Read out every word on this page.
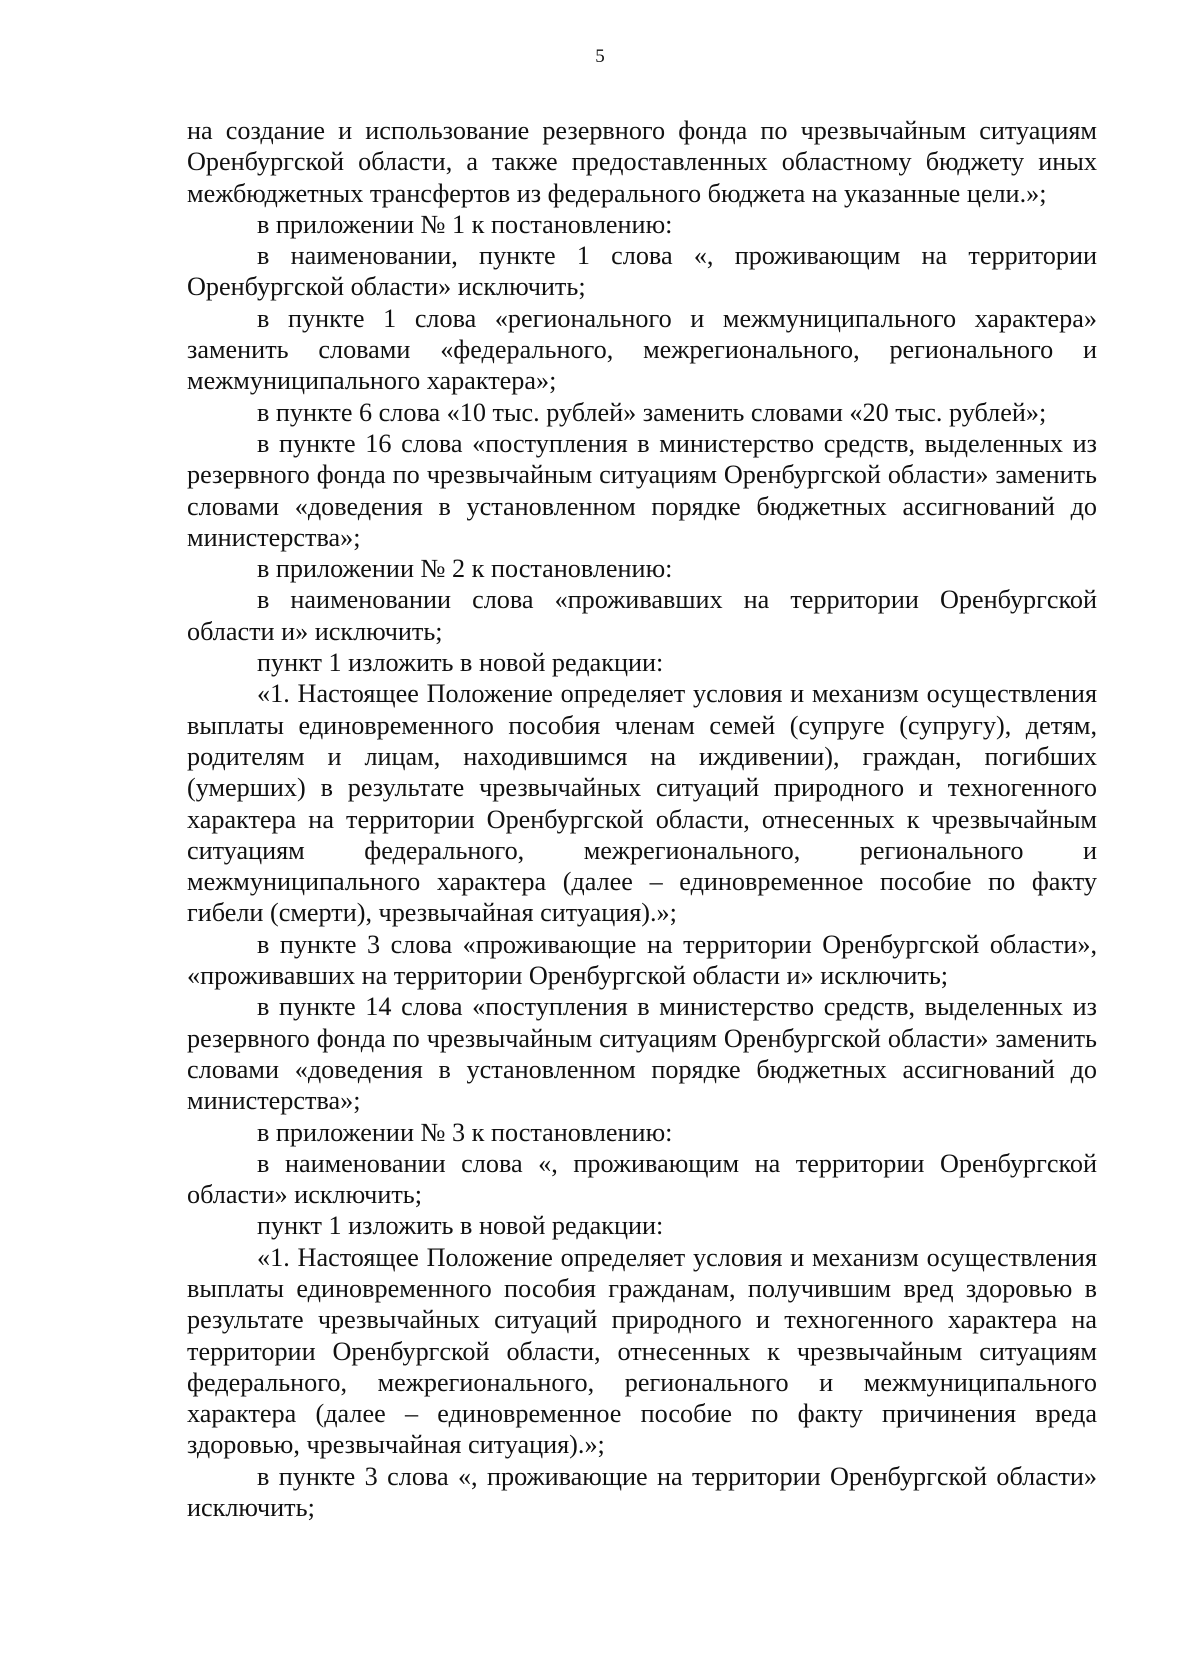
5

на создание и использование резервного фонда по чрезвычайным ситуациям Оренбургской области, а также предоставленных областному бюджету иных межбюджетных трансфертов из федерального бюджета на указанные цели.»;

в приложении № 1 к постановлению:

в наименовании, пункте 1 слова «, проживающим на территории Оренбургской области» исключить;

в пункте 1 слова «регионального и межмуниципального характера» заменить словами «федерального, межрегионального, регионального и межмуниципального характера»;

в пункте 6 слова «10 тыс. рублей» заменить словами «20 тыс. рублей»;

в пункте 16 слова «поступления в министерство средств, выделенных из резервного фонда по чрезвычайным ситуациям Оренбургской области» заменить словами «доведения в установленном порядке бюджетных ассигнований до министерства»;

в приложении № 2 к постановлению:

в наименовании слова «проживавших на территории Оренбургской области и» исключить;

пункт 1 изложить в новой редакции:

«1. Настоящее Положение определяет условия и механизм осуществления выплаты единовременного пособия членам семей (супруге (супругу), детям, родителям и лицам, находившимся на иждивении), граждан, погибших (умерших) в результате чрезвычайных ситуаций природного и техногенного характера на территории Оренбургской области, отнесенных к чрезвычайным ситуациям федерального, межрегионального, регионального и межмуниципального характера (далее – единовременное пособие по факту гибели (смерти), чрезвычайная ситуация).»;

в пункте 3 слова «проживающие на территории Оренбургской области», «проживавших на территории Оренбургской области и» исключить;

в пункте 14 слова «поступления в министерство средств, выделенных из резервного фонда по чрезвычайным ситуациям Оренбургской области» заменить словами «доведения в установленном порядке бюджетных ассигнований до министерства»;

в приложении № 3 к постановлению:

в наименовании слова «, проживающим на территории Оренбургской области» исключить;

пункт 1 изложить в новой редакции:

«1. Настоящее Положение определяет условия и механизм осуществления выплаты единовременного пособия гражданам, получившим вред здоровью в результате чрезвычайных ситуаций природного и техногенного характера на территории Оренбургской области, отнесенных к чрезвычайным ситуациям федерального, межрегионального, регионального и межмуниципального характера (далее – единовременное пособие по факту причинения вреда здоровью, чрезвычайная ситуация).»;

в пункте 3 слова «, проживающие на территории Оренбургской области» исключить;
